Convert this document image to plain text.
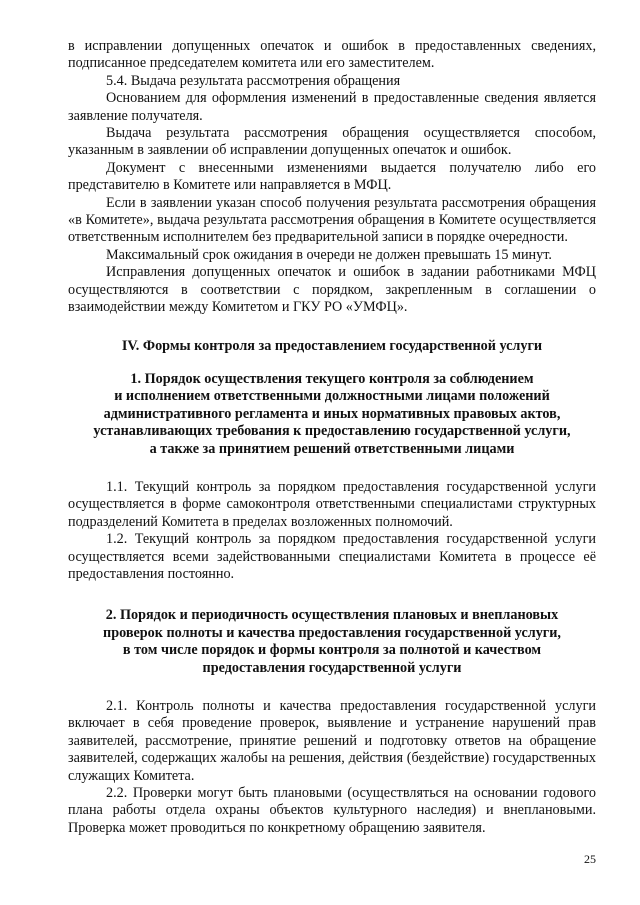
в исправлении допущенных опечаток и ошибок в предоставленных сведениях, подписанное председателем комитета или его заместителем.

5.4. Выдача результата рассмотрения обращения

Основанием для оформления изменений в предоставленные сведения является заявление получателя.

Выдача результата рассмотрения обращения осуществляется способом, указанным в заявлении об исправлении допущенных опечаток и ошибок.

Документ с внесенными изменениями выдается получателю либо его представителю в Комитете или направляется в МФЦ.

Если в заявлении указан способ получения результата рассмотрения обращения «в Комитете», выдача результата рассмотрения обращения в Комитете осуществляется ответственным исполнителем без предварительной записи в порядке очередности.

Максимальный срок ожидания в очереди не должен превышать 15 минут.

Исправления допущенных опечаток и ошибок в задании работниками МФЦ осуществляются в соответствии с порядком, закрепленным в соглашении о взаимодействии между Комитетом и ГКУ РО «УМФЦ».

IV. Формы контроля за предоставлением государственной услуги
1. Порядок осуществления текущего контроля за соблюдением
и исполнением ответственными должностными лицами положений
административного регламента и иных нормативных правовых актов,
устанавливающих требования к предоставлению государственной услуги,
а также за принятием решений ответственными лицами

1.1. Текущий контроль за порядком предоставления государственной услуги осуществляется в форме самоконтроля ответственными специалистами структурных подразделений Комитета в пределах возложенных полномочий.

1.2. Текущий контроль за порядком предоставления государственной услуги осуществляется всеми задействованными специалистами Комитета в процессе её предоставления постоянно.

2. Порядок и периодичность осуществления плановых и внеплановых
проверок полноты и качества предоставления государственной услуги,
в том числе порядок и формы контроля за полнотой и качеством
предоставления государственной услуги

2.1. Контроль полноты и качества предоставления государственной услуги включает в себя проведение проверок, выявление и устранение нарушений прав заявителей, рассмотрение, принятие решений и подготовку ответов на обращение заявителей, содержащих жалобы на решения, действия (бездействие) государственных служащих Комитета.

2.2. Проверки могут быть плановыми (осуществляться на основании годового плана работы отдела охраны объектов культурного наследия) и внеплановыми. Проверка может проводиться по конкретному обращению заявителя.

25
